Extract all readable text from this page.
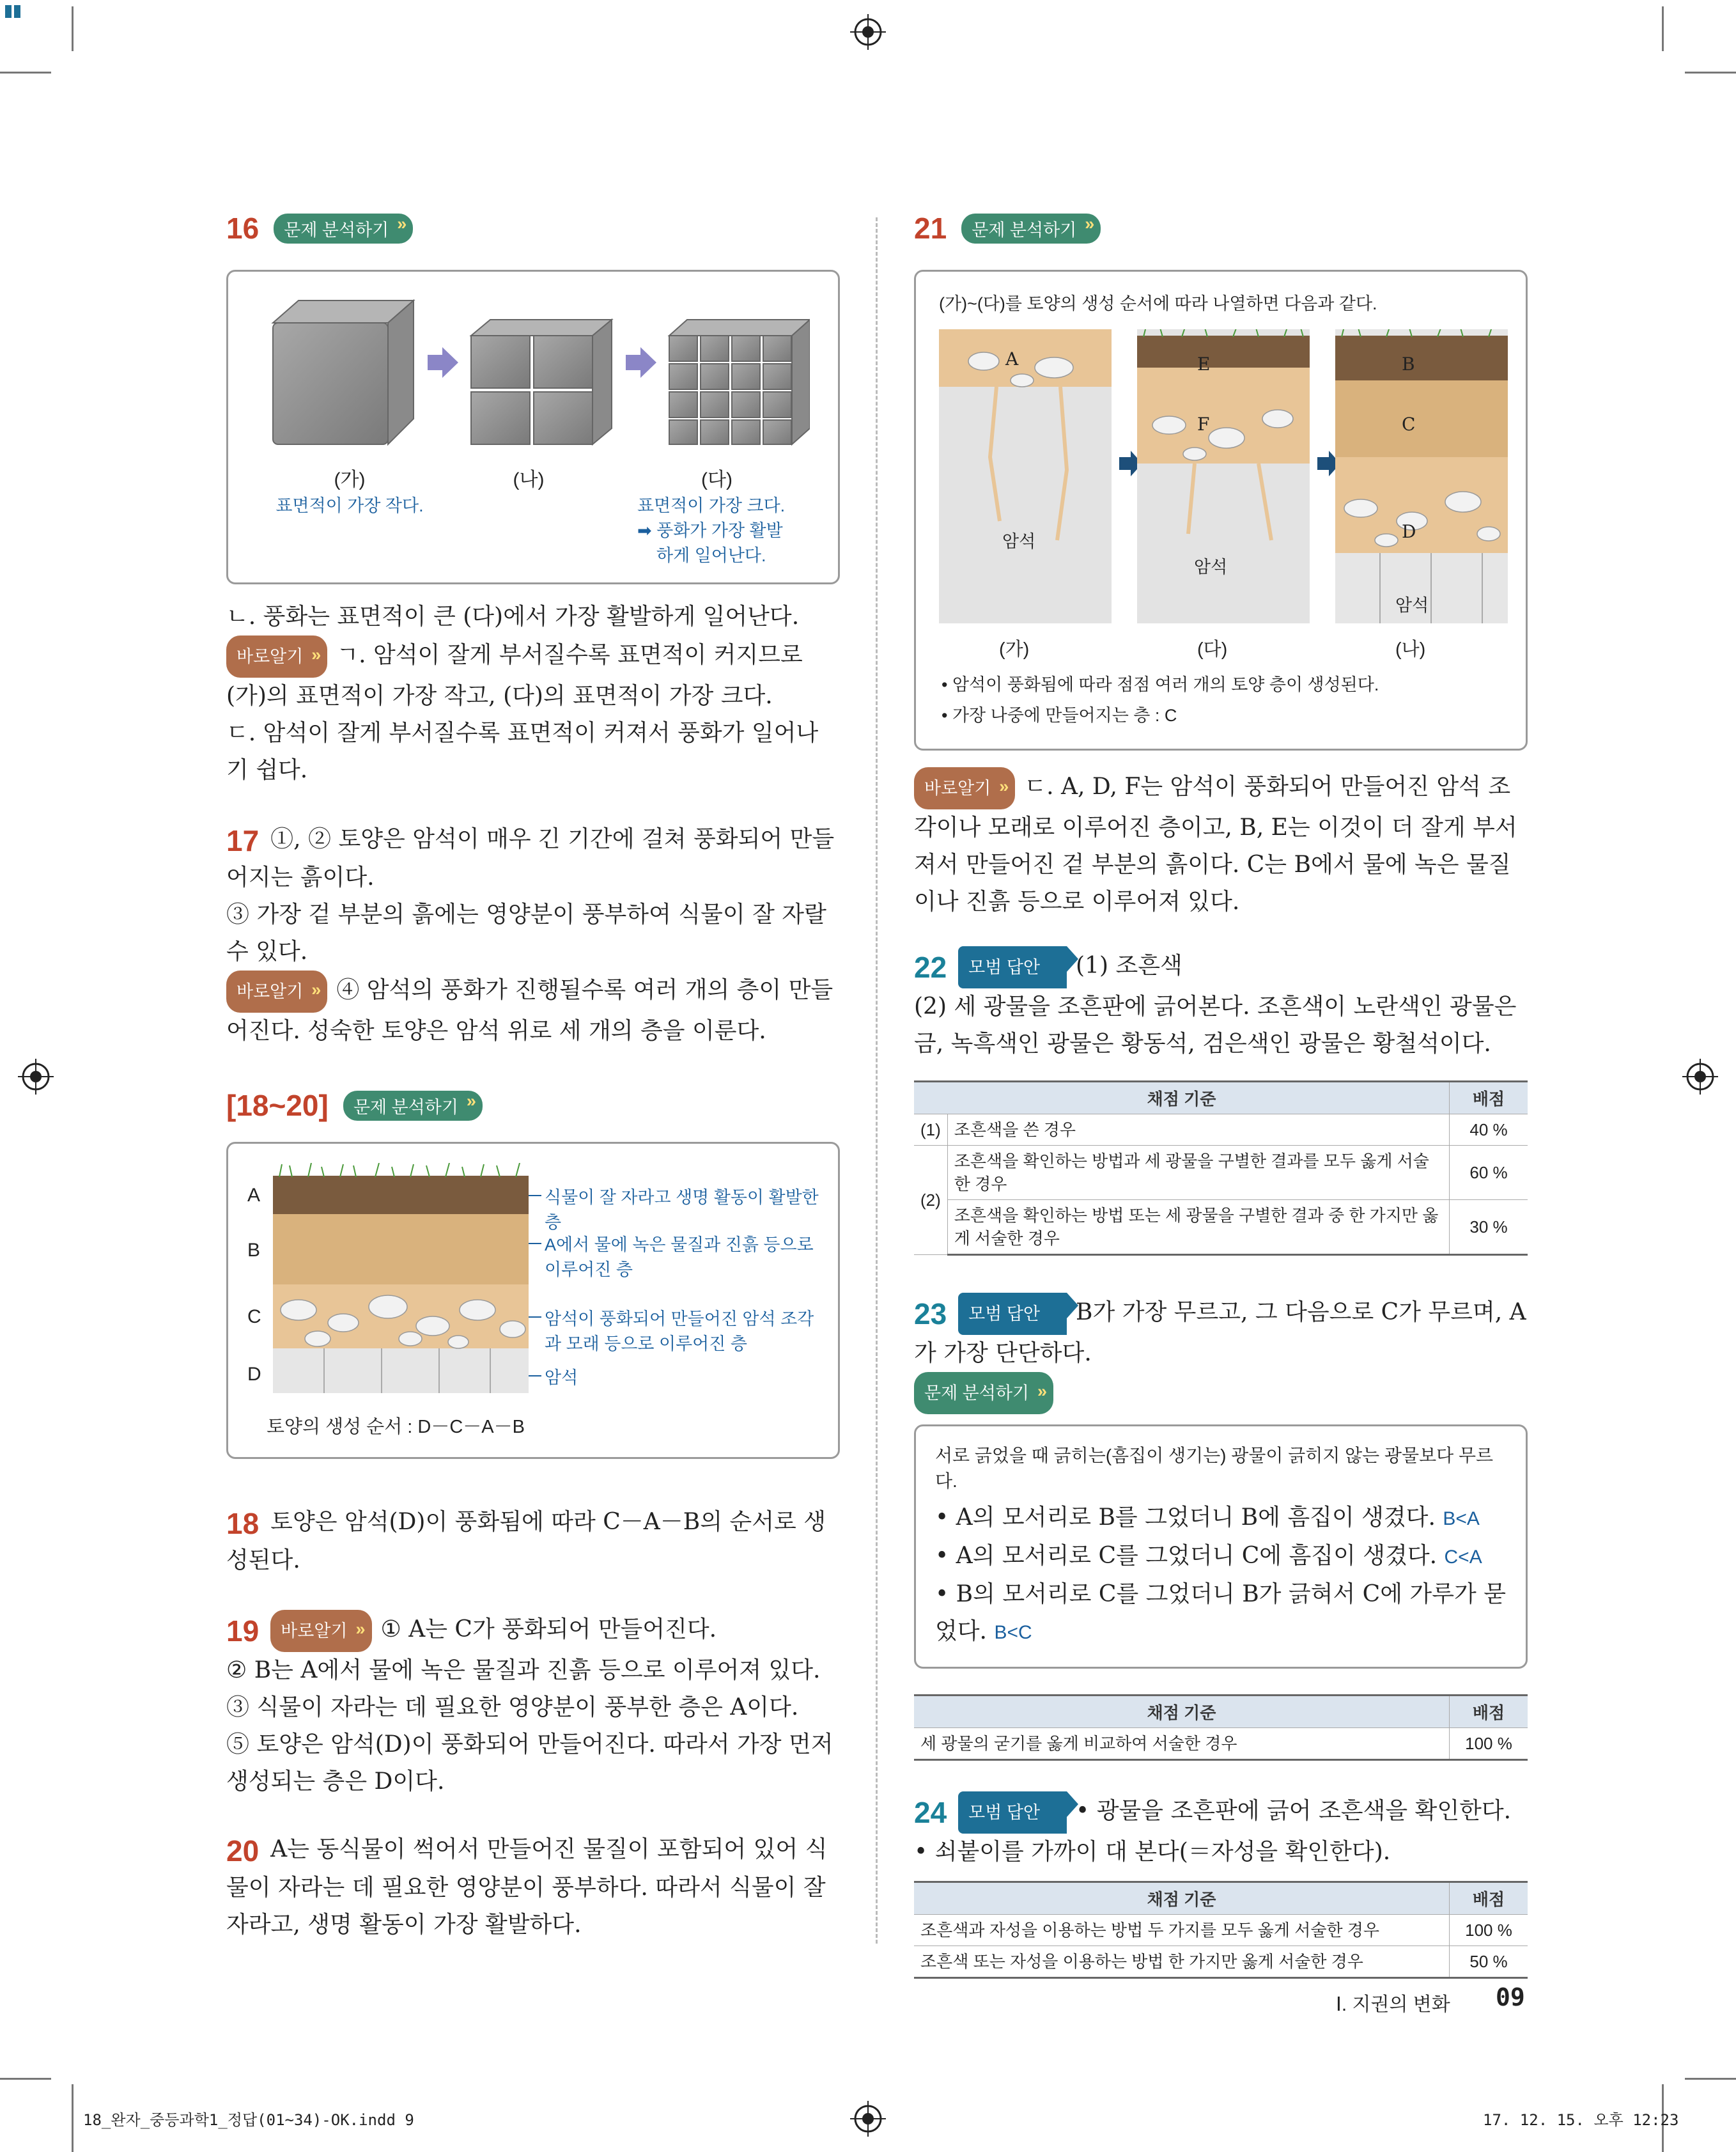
16 문제 분석하기 »
(가)
표면적이 가장 작다.
(나)	(다)
표면적이 가장 크다.
➡ 풍화가 가장 활발
하게 일어난다.

ㄴ. 풍화는 표면적이 큰 (다)에서 가장 활발하게 일어난다.

바로알기 » ㄱ. 암석이 잘게 부서질수록 표면적이 커지므로 (가)의 표면적이 가장 작고, (다)의 표면적이 가장 크다.

ㄷ. 암석이 잘게 부서질수록 표면적이 커져서 풍화가 일어나기 쉽다.

17 ①, ② 토양은 암석이 매우 긴 기간에 걸쳐 풍화되어 만들어지는 흙이다.

③ 가장 겉 부분의 흙에는 영양분이 풍부하여 식물이 잘 자랄 수 있다.

바로알기 » ④ 암석의 풍화가 진행될수록 여러 개의 층이 만들어진다. 성숙한 토양은 암석 위로 세 개의 층을 이룬다.

[18~20] 문제 분석하기 »
A
B
C
D
식물이 잘 자라고 생명 활동이 활발한 층
A에서 물에 녹은 물질과 진흙 등으로 이루어진 층
암석이 풍화되어 만들어진 암석 조각과 모래 등으로 이루어진 층
암석
토양의 생성 순서 : D－C－A－B

18 토양은 암석(D)이 풍화됨에 따라 C－A－B의 순서로 생성된다.

19 바로알기 » ① A는 C가 풍화되어 만들어진다.

② B는 A에서 물에 녹은 물질과 진흙 등으로 이루어져 있다.

③ 식물이 자라는 데 필요한 영양분이 풍부한 층은 A이다.

⑤ 토양은 암석(D)이 풍화되어 만들어진다. 따라서 가장 먼저 생성되는 층은 D이다.

20 A는 동식물이 썩어서 만들어진 물질이 포함되어 있어 식물이 자라는 데 필요한 영양분이 풍부하다. 따라서 식물이 잘 자라고, 생명 활동이 가장 활발하다.

21 문제 분석하기 »
(가)~(다)를 토양의 생성 순서에 따라 나열하면 다음과 같다.
A	E
F
B
C
D
암석
암석
암석
(가)	(다)	(나)
• 암석이 풍화됨에 따라 점점 여러 개의 토양 층이 생성된다.
• 가장 나중에 만들어지는 층 : C

바로알기 » ㄷ. A, D, F는 암석이 풍화되어 만들어진 암석 조각이나 모래로 이루어진 층이고, B, E는 이것이 더 잘게 부서져서 만들어진 겉 부분의 흙이다. C는 B에서 물에 녹은 물질이나 진흙 등으로 이루어져 있다.

22 모범 답안 (1) 조흔색

(2) 세 광물을 조흔판에 긁어본다. 조흔색이 노란색인 광물은 금, 녹흑색인 광물은 황동석, 검은색인 광물은 황철석이다.

채점 기준		배점
(1)	조흔색을 쓴 경우	40 %
(2)	조흔색을 확인하는 방법과 세 광물을 구별한 결과를 모두 옳게 서술한 경우	60 %
	조흔색을 확인하는 방법 또는 세 광물을 구별한 결과 중 한 가지만 옳게 서술한 경우	30 %

23 모범 답안 B가 가장 무르고, 그 다음으로 C가 무르며, A가 가장 단단하다.

문제 분석하기 »

서로 긁었을 때 긁히는(흠집이 생기는) 광물이 긁히지 않는 광물보다 무르다.
• A의 모서리로 B를 그었더니 B에 흠집이 생겼다. B<A
• A의 모서리로 C를 그었더니 C에 흠집이 생겼다. C<A
• B의 모서리로 C를 그었더니 B가 긁혀서 C에 가루가 묻었다. B<C
채점 기준	배점
세 광물의 굳기를 옳게 비교하여 서술한 경우	100 %

24 모범 답안 • 광물을 조흔판에 긁어 조흔색을 확인한다.

• 쇠붙이를 가까이 대 본다(＝자성을 확인한다).

채점 기준	배점
조흔색과 자성을 이용하는 방법 두 가지를 모두 옳게 서술한 경우	100 %
조흔색 또는 자성을 이용하는 방법 한 가지만 옳게 서술한 경우	50 %
Ⅰ. 지권의 변화 09
18_완자_중등과학1_정답(01~34)-OK.indd 9	17. 12. 15. 오후 12:23
